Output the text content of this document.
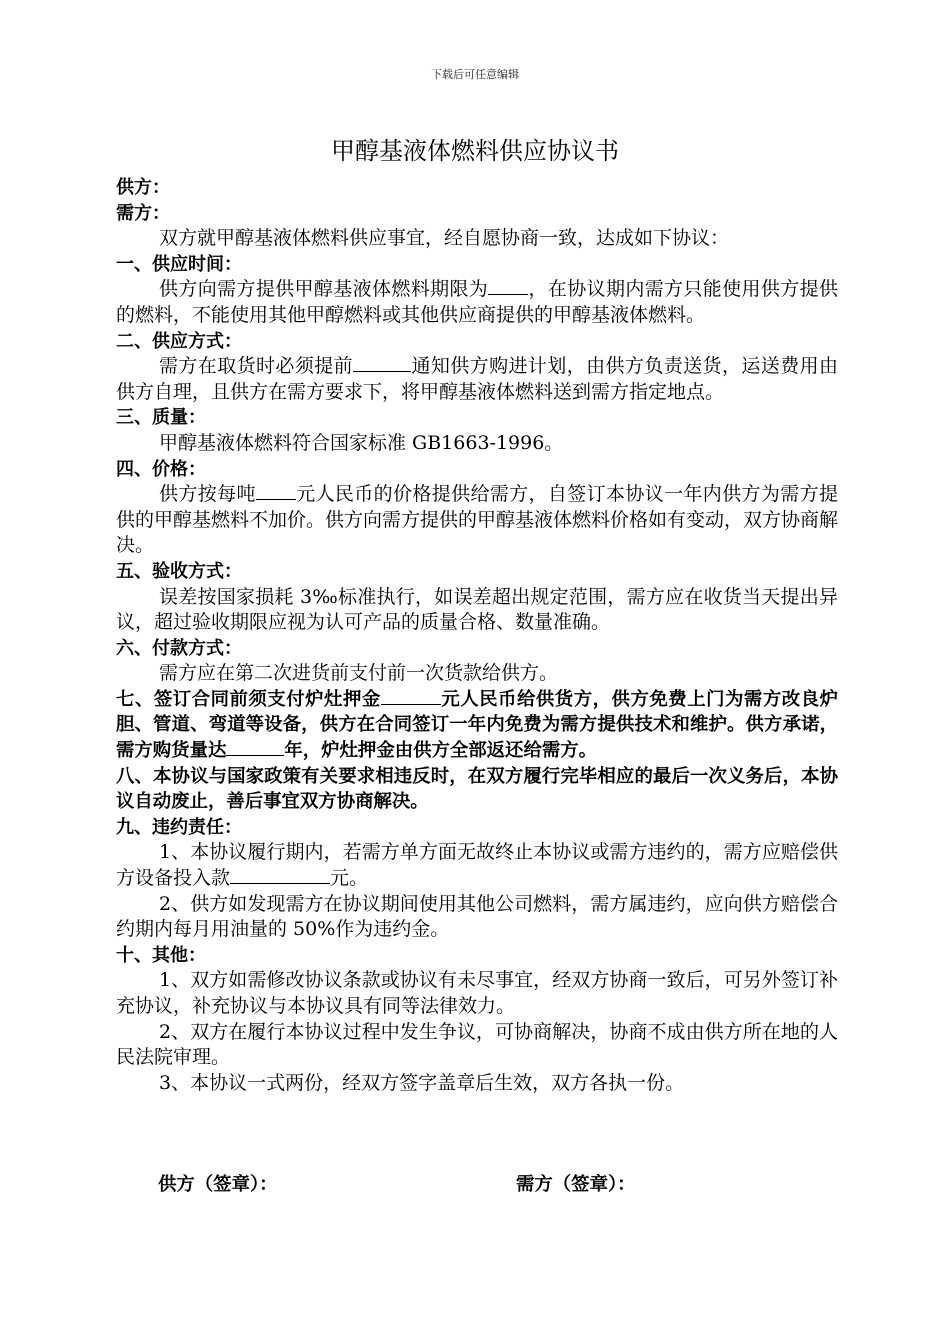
下载后可任意编辑
甲醇基液体燃料供应协议书

供方：

需方：

双方就甲醇基液体燃料供应事宜，经自愿协商一致，达成如下协议：

一、供应时间：

供方向需方提供甲醇基液体燃料期限为 ，在协议期内需方只能使用供方提供的燃料，不能使用其他甲醇燃料或其他供应商提供的甲醇基液体燃料。

二、供应方式：

需方在取货时必须提前	通知供方购进计划，由供方负责送货，运送费用由供方自理，且供方在需方要求下，将甲醇基液体燃料送到需方指定地点。

三、质量：

甲醇基液体燃料符合国家标准 GB1663-1996。

四、价格：

供方按每吨 元人民币的价格提供给需方，自签订本协议一年内供方为需方提供的甲醇基燃料不加价。供方向需方提供的甲醇基液体燃料价格如有变动，双方协商解决。

五、验收方式：

误差按国家损耗 3‰标准执行，如误差超出规定范围，需方应在收货当天提出异议，超过验收期限应视为认可产品的质量合格、数量准确。

六、付款方式：

需方应在第二次进货前支付前一次货款给供方。

七、签订合同前须支付炉灶押金	元人民币给供货方，供方免费上门为需方改良炉胆、管道、弯道等设备，供方在合同签订一年内免费为需方提供技术和维护。供方承诺，需方购货量达	年，炉灶押金由供方全部返还给需方。

八、本协议与国家政策有关要求相违反时，在双方履行完毕相应的最后一次义务后，本协议自动废止，善后事宜双方协商解决。

九、违约责任：

1、本协议履行期内，若需方单方面无故终止本协议或需方违约的，需方应赔偿供方设备投入款	元。

2、供方如发现需方在协议期间使用其他公司燃料，需方属违约，应向供方赔偿合约期内每月用油量的 50%作为违约金。

十、其他：

1、双方如需修改协议条款或协议有未尽事宜，经双方协商一致后，可另外签订补充协议，补充协议与本协议具有同等法律效力。

2、双方在履行本协议过程中发生争议，可协商解决，协商不成由供方所在地的人民法院审理。

3、本协议一式两份，经双方签字盖章后生效，双方各执一份。

供方（签章）：	需方（签章）：
